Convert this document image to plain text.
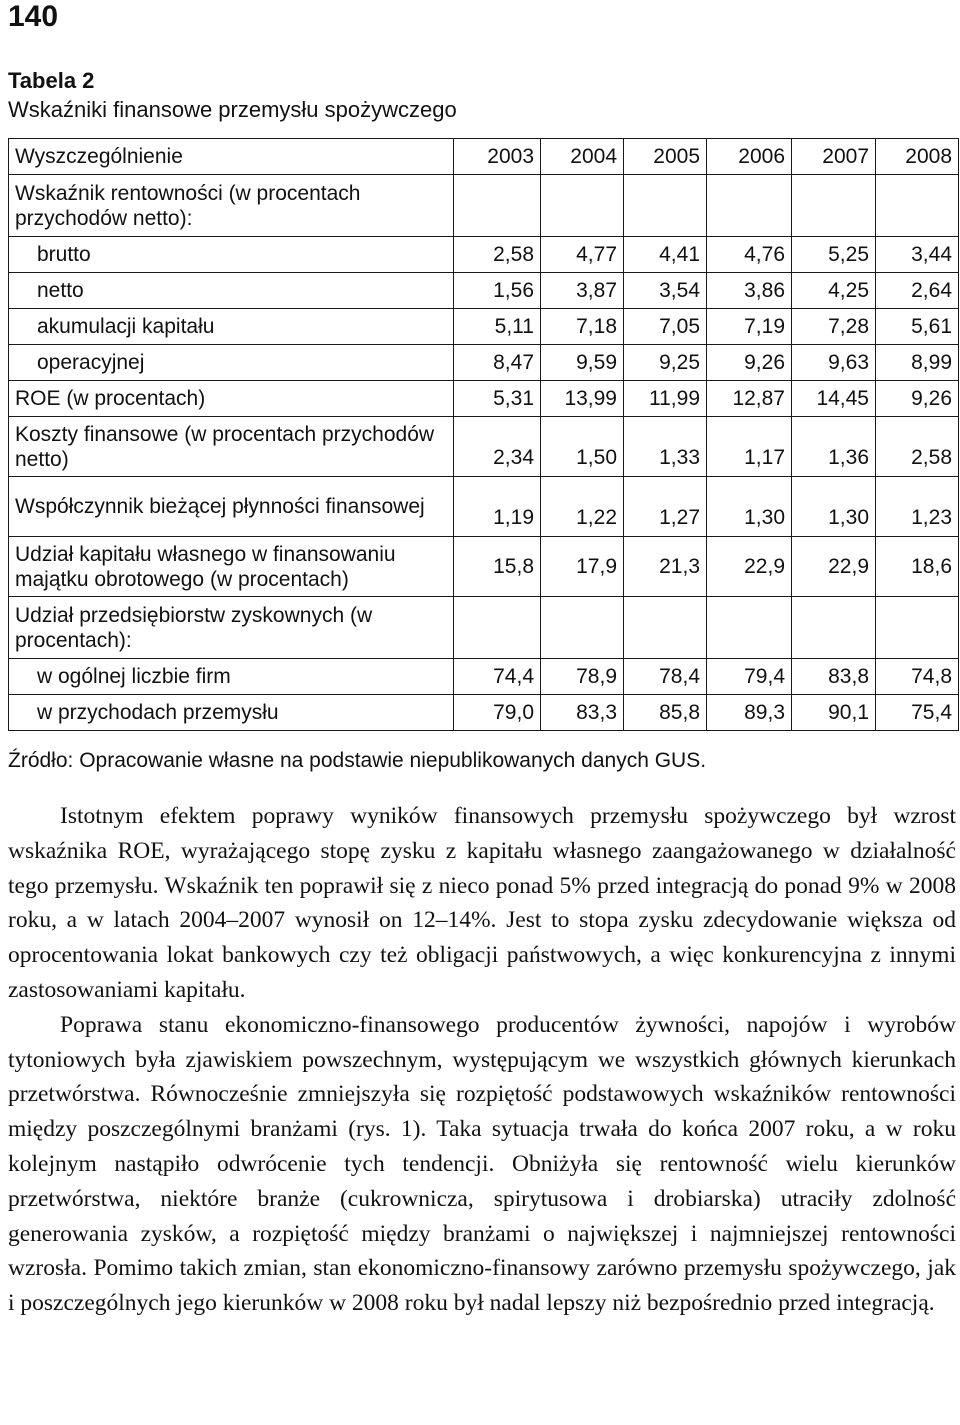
140
Tabela 2
Wskaźniki finansowe przemysłu spożywczego
Wyszczególnienie	2003	2004	2005	2006	2007	2008
Wskaźnik rentowności (w procentach przychodów netto):						
brutto	2,58	4,77	4,41	4,76	5,25	3,44
netto	1,56	3,87	3,54	3,86	4,25	2,64
akumulacji kapitału	5,11	7,18	7,05	7,19	7,28	5,61
operacyjnej	8,47	9,59	9,25	9,26	9,63	8,99
ROE (w procentach)	5,31	13,99	11,99	12,87	14,45	9,26
Koszty finansowe (w procentach przychodów netto)	2,34	1,50	1,33	1,17	1,36	2,58

Współczynnik bieżącej płynności finansowej	1,19	1,22	1,27	1,30	1,30	1,23

Udział kapitału własnego w finansowaniu majątku obrotowego (w procentach)	15,8	17,9	21,3	22,9	22,9	18,6

Udział przedsiębiorstw zyskownych (w procentach):						
w ogólnej liczbie firm	74,4	78,9	78,4	79,4	83,8	74,8
w przychodach przemysłu	79,0	83,3	85,8	89,3	90,1	75,4
Źródło: Opracowanie własne na podstawie niepublikowanych danych GUS.

Istotnym efektem poprawy wyników finansowych przemysłu spożywczego był wzrost wskaźnika ROE, wyrażającego stopę zysku z kapitału własnego zaangażowanego w działalność tego przemysłu. Wskaźnik ten poprawił się z nieco ponad 5% przed integracją do ponad 9% w 2008 roku, a w latach 2004–2007 wynosił on 12–14%. Jest to stopa zysku zdecydowanie większa od oprocentowania lokat bankowych czy też obligacji państwowych, a więc konkurencyjna z innymi zastosowaniami kapitału.

Poprawa stanu ekonomiczno-finansowego producentów żywności, napojów i wyrobów tytoniowych była zjawiskiem powszechnym, występującym we wszystkich głównych kierunkach przetwórstwa. Równocześnie zmniejszyła się rozpiętość podstawowych wskaźników rentowności między poszczególnymi branżami (rys. 1). Taka sytuacja trwała do końca 2007 roku, a w roku kolejnym nastąpiło odwrócenie tych tendencji. Obniżyła się rentowność wielu kierunków przetwórstwa, niektóre branże (cukrownicza, spirytusowa i drobiarska) utraciły zdolność generowania zysków, a rozpiętość między branżami o największej i najmniejszej rentowności wzrosła. Pomimo takich zmian, stan ekonomiczno-finansowy zarówno przemysłu spożywczego, jak i poszczególnych jego kierunków w 2008 roku był nadal lepszy niż bezpośrednio przed integracją.
